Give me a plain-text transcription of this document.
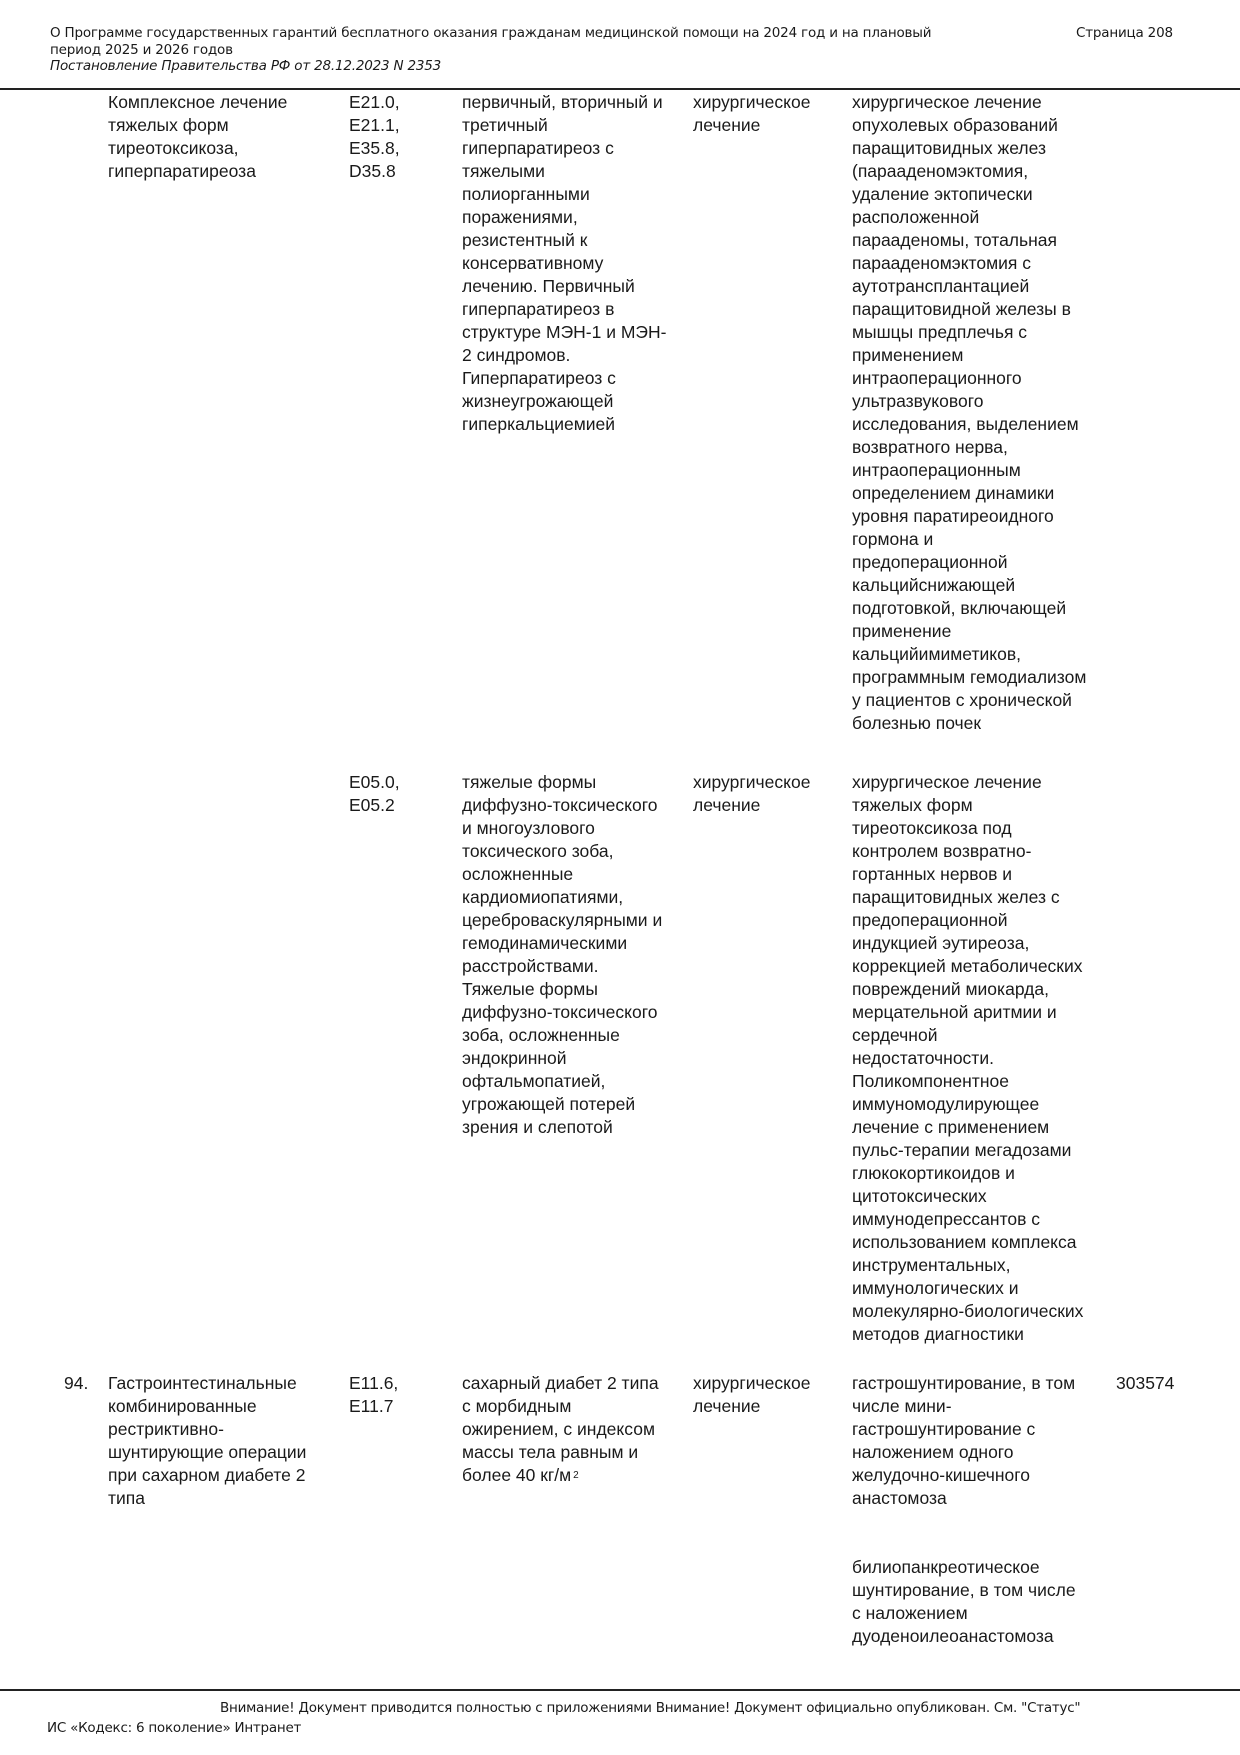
О Программе государственных гарантий бесплатного оказания гражданам медицинской помощи на 2024 год и на плановый
период 2025 и 2026 годов
Постановление Правительства РФ от 28.12.2023 N 2353
Страница 208
Комплексное лечение
тяжелых форм
тиреотоксикоза,
гиперпаратиреоза
E21.0,
E21.1,
E35.8,
D35.8
первичный, вторичный и
третичный
гиперпаратиреоз с
тяжелыми
полиорганными
поражениями,
резистентный к
консервативному
лечению. Первичный
гиперпаратиреоз в
структуре МЭН-1 и МЭН-
2 синдромов.
Гиперпаратиреоз с
жизнеугрожающей
гиперкальциемией
хирургическое
лечение
хирургическое лечение
опухолевых образований
паращитовидных желез
(парааденомэктомия,
удаление эктопически
расположенной
парааденомы, тотальная
парааденомэктомия с
аутотрансплантацией
паращитовидной железы в
мышцы предплечья с
применением
интраоперационного
ультразвукового
исследования, выделением
возвратного нерва,
интраоперационным
определением динамики
уровня паратиреоидного
гормона и
предоперационной
кальцийснижающей
подготовкой, включающей
применение
кальцийимиметиков,
программным гемодиализом
у пациентов с хронической
болезнью почек
E05.0,
E05.2
тяжелые формы
диффузно-токсического
и многоузлового
токсического зоба,
осложненные
кардиомиопатиями,
цереброваскулярными и
гемодинамическими
расстройствами.
Тяжелые формы
диффузно-токсического
зоба, осложненные
эндокринной
офтальмопатией,
угрожающей потерей
зрения и слепотой
хирургическое
лечение
хирургическое лечение
тяжелых форм
тиреотоксикоза под
контролем возвратно-
гортанных нервов и
паращитовидных желез с
предоперационной
индукцией эутиреоза,
коррекцией метаболических
повреждений миокарда,
мерцательной аритмии и
сердечной
недостаточности.
Поликомпонентное
иммуномодулирующее
лечение с применением
пульс-терапии мегадозами
глюкокортикоидов и
цитотоксических
иммунодепрессантов с
использованием комплекса
инструментальных,
иммунологических и
молекулярно-биологических
методов диагностики
94. Гастроинтестинальные
комбинированные
рестриктивно-
шунтирующие операции
при сахарном диабете 2
типа
E11.6,
E11.7
сахарный диабет 2 типа
с морбидным
ожирением, с индексом
массы тела равным и
более 40 кг/м $^2$
хирургическое
лечение
гастрошунтирование, в том
числе мини-
гастрошунтирование с
наложением одного
желудочно-кишечного
анастомоза
билиопанкреотическое
шунтирование, в том числе
с наложением
дуоденоилеоанастомоза
303574
Внимание! Документ приводится полностью с приложениями Внимание! Документ официально опубликован. См. "Статус"
ИС «Кодекс: 6 поколение» Интранет
